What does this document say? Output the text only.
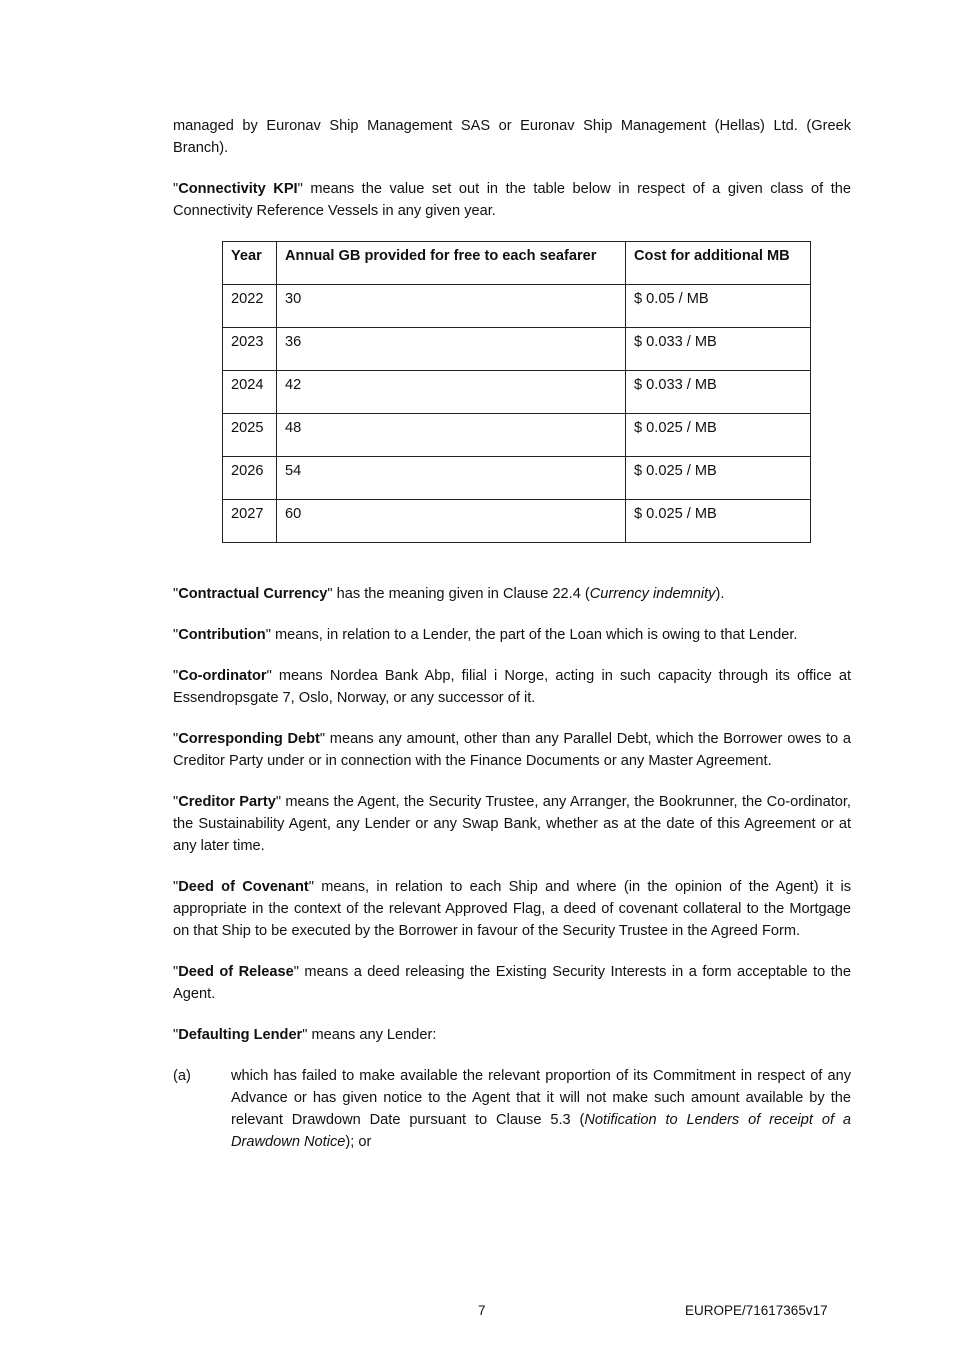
managed by Euronav Ship Management SAS or Euronav Ship Management (Hellas) Ltd. (Greek Branch).

"Connectivity KPI" means the value set out in the table below in respect of a given class of the Connectivity Reference Vessels in any given year.

Year	Annual GB provided for free to each seafarer	Cost for additional MB
2022	30	$ 0.05 / MB
2023	36	$ 0.033 / MB
2024	42	$ 0.033 / MB
2025	48	$ 0.025 / MB
2026	54	$ 0.025 / MB
2027	60	$ 0.025 / MB

"Contractual Currency" has the meaning given in Clause 22.4 (Currency indemnity).

"Contribution" means, in relation to a Lender, the part of the Loan which is owing to that Lender.

"Co-ordinator" means Nordea Bank Abp, filial i Norge, acting in such capacity through its office at Essendropsgate 7, Oslo, Norway, or any successor of it.

"Corresponding Debt" means any amount, other than any Parallel Debt, which the Borrower owes to a Creditor Party under or in connection with the Finance Documents or any Master Agreement.

"Creditor Party" means the Agent, the Security Trustee, any Arranger, the Bookrunner, the Co-ordinator, the Sustainability Agent, any Lender or any Swap Bank, whether as at the date of this Agreement or at any later time.

"Deed of Covenant" means, in relation to each Ship and where (in the opinion of the Agent) it is appropriate in the context of the relevant Approved Flag, a deed of covenant collateral to the Mortgage on that Ship to be executed by the Borrower in favour of the Security Trustee in the Agreed Form.

"Deed of Release" means a deed releasing the Existing Security Interests in a form acceptable to the Agent.

"Defaulting Lender" means any Lender:

(a)	which has failed to make available the relevant proportion of its Commitment in respect of any Advance or has given notice to the Agent that it will not make such amount available by the relevant Drawdown Date pursuant to Clause 5.3 (Notification to Lenders of receipt of a Drawdown Notice); or
7	EUROPE/71617365v17
